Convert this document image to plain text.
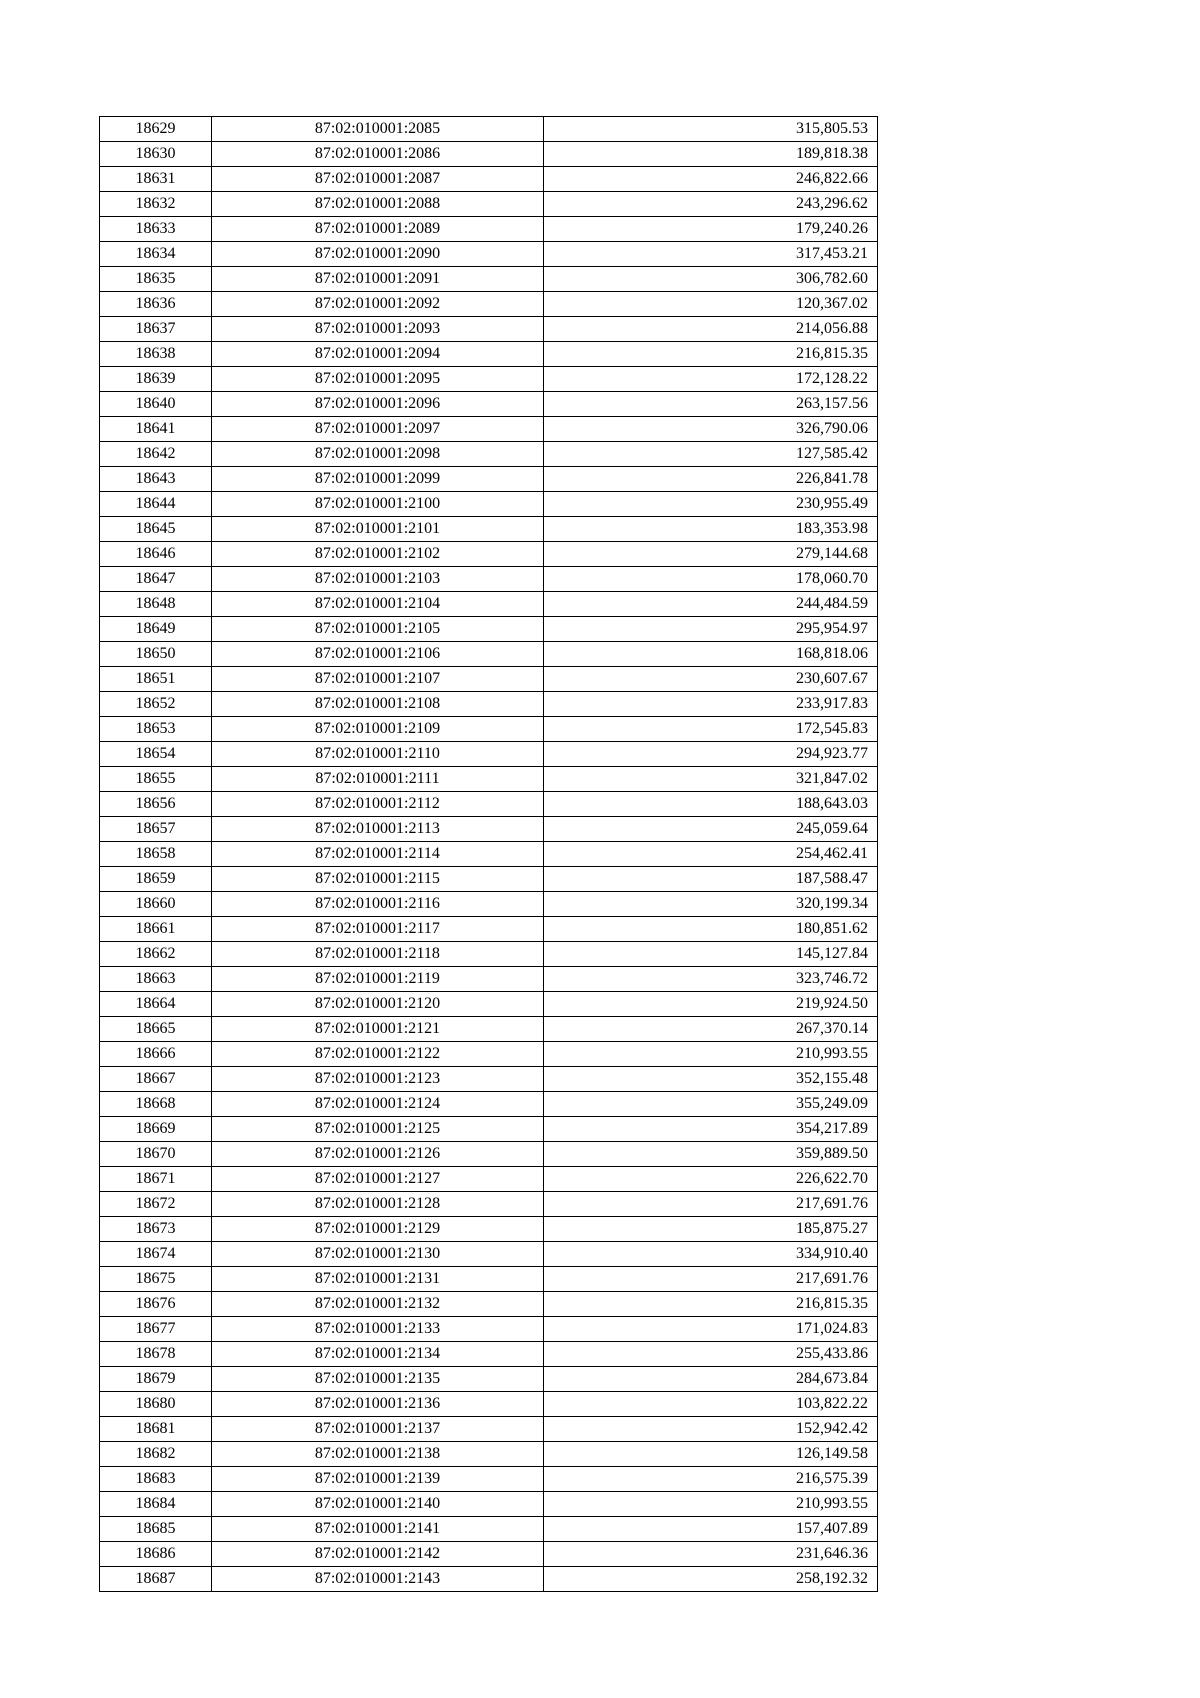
18629	87:02:010001:2085	315,805.53
18630	87:02:010001:2086	189,818.38
18631	87:02:010001:2087	246,822.66
18632	87:02:010001:2088	243,296.62
18633	87:02:010001:2089	179,240.26
18634	87:02:010001:2090	317,453.21
18635	87:02:010001:2091	306,782.60
18636	87:02:010001:2092	120,367.02
18637	87:02:010001:2093	214,056.88
18638	87:02:010001:2094	216,815.35
18639	87:02:010001:2095	172,128.22
18640	87:02:010001:2096	263,157.56
18641	87:02:010001:2097	326,790.06
18642	87:02:010001:2098	127,585.42
18643	87:02:010001:2099	226,841.78
18644	87:02:010001:2100	230,955.49
18645	87:02:010001:2101	183,353.98
18646	87:02:010001:2102	279,144.68
18647	87:02:010001:2103	178,060.70
18648	87:02:010001:2104	244,484.59
18649	87:02:010001:2105	295,954.97
18650	87:02:010001:2106	168,818.06
18651	87:02:010001:2107	230,607.67
18652	87:02:010001:2108	233,917.83
18653	87:02:010001:2109	172,545.83
18654	87:02:010001:2110	294,923.77
18655	87:02:010001:2111	321,847.02
18656	87:02:010001:2112	188,643.03
18657	87:02:010001:2113	245,059.64
18658	87:02:010001:2114	254,462.41
18659	87:02:010001:2115	187,588.47
18660	87:02:010001:2116	320,199.34
18661	87:02:010001:2117	180,851.62
18662	87:02:010001:2118	145,127.84
18663	87:02:010001:2119	323,746.72
18664	87:02:010001:2120	219,924.50
18665	87:02:010001:2121	267,370.14
18666	87:02:010001:2122	210,993.55
18667	87:02:010001:2123	352,155.48
18668	87:02:010001:2124	355,249.09
18669	87:02:010001:2125	354,217.89
18670	87:02:010001:2126	359,889.50
18671	87:02:010001:2127	226,622.70
18672	87:02:010001:2128	217,691.76
18673	87:02:010001:2129	185,875.27
18674	87:02:010001:2130	334,910.40
18675	87:02:010001:2131	217,691.76
18676	87:02:010001:2132	216,815.35
18677	87:02:010001:2133	171,024.83
18678	87:02:010001:2134	255,433.86
18679	87:02:010001:2135	284,673.84
18680	87:02:010001:2136	103,822.22
18681	87:02:010001:2137	152,942.42
18682	87:02:010001:2138	126,149.58
18683	87:02:010001:2139	216,575.39
18684	87:02:010001:2140	210,993.55
18685	87:02:010001:2141	157,407.89
18686	87:02:010001:2142	231,646.36
18687	87:02:010001:2143	258,192.32
